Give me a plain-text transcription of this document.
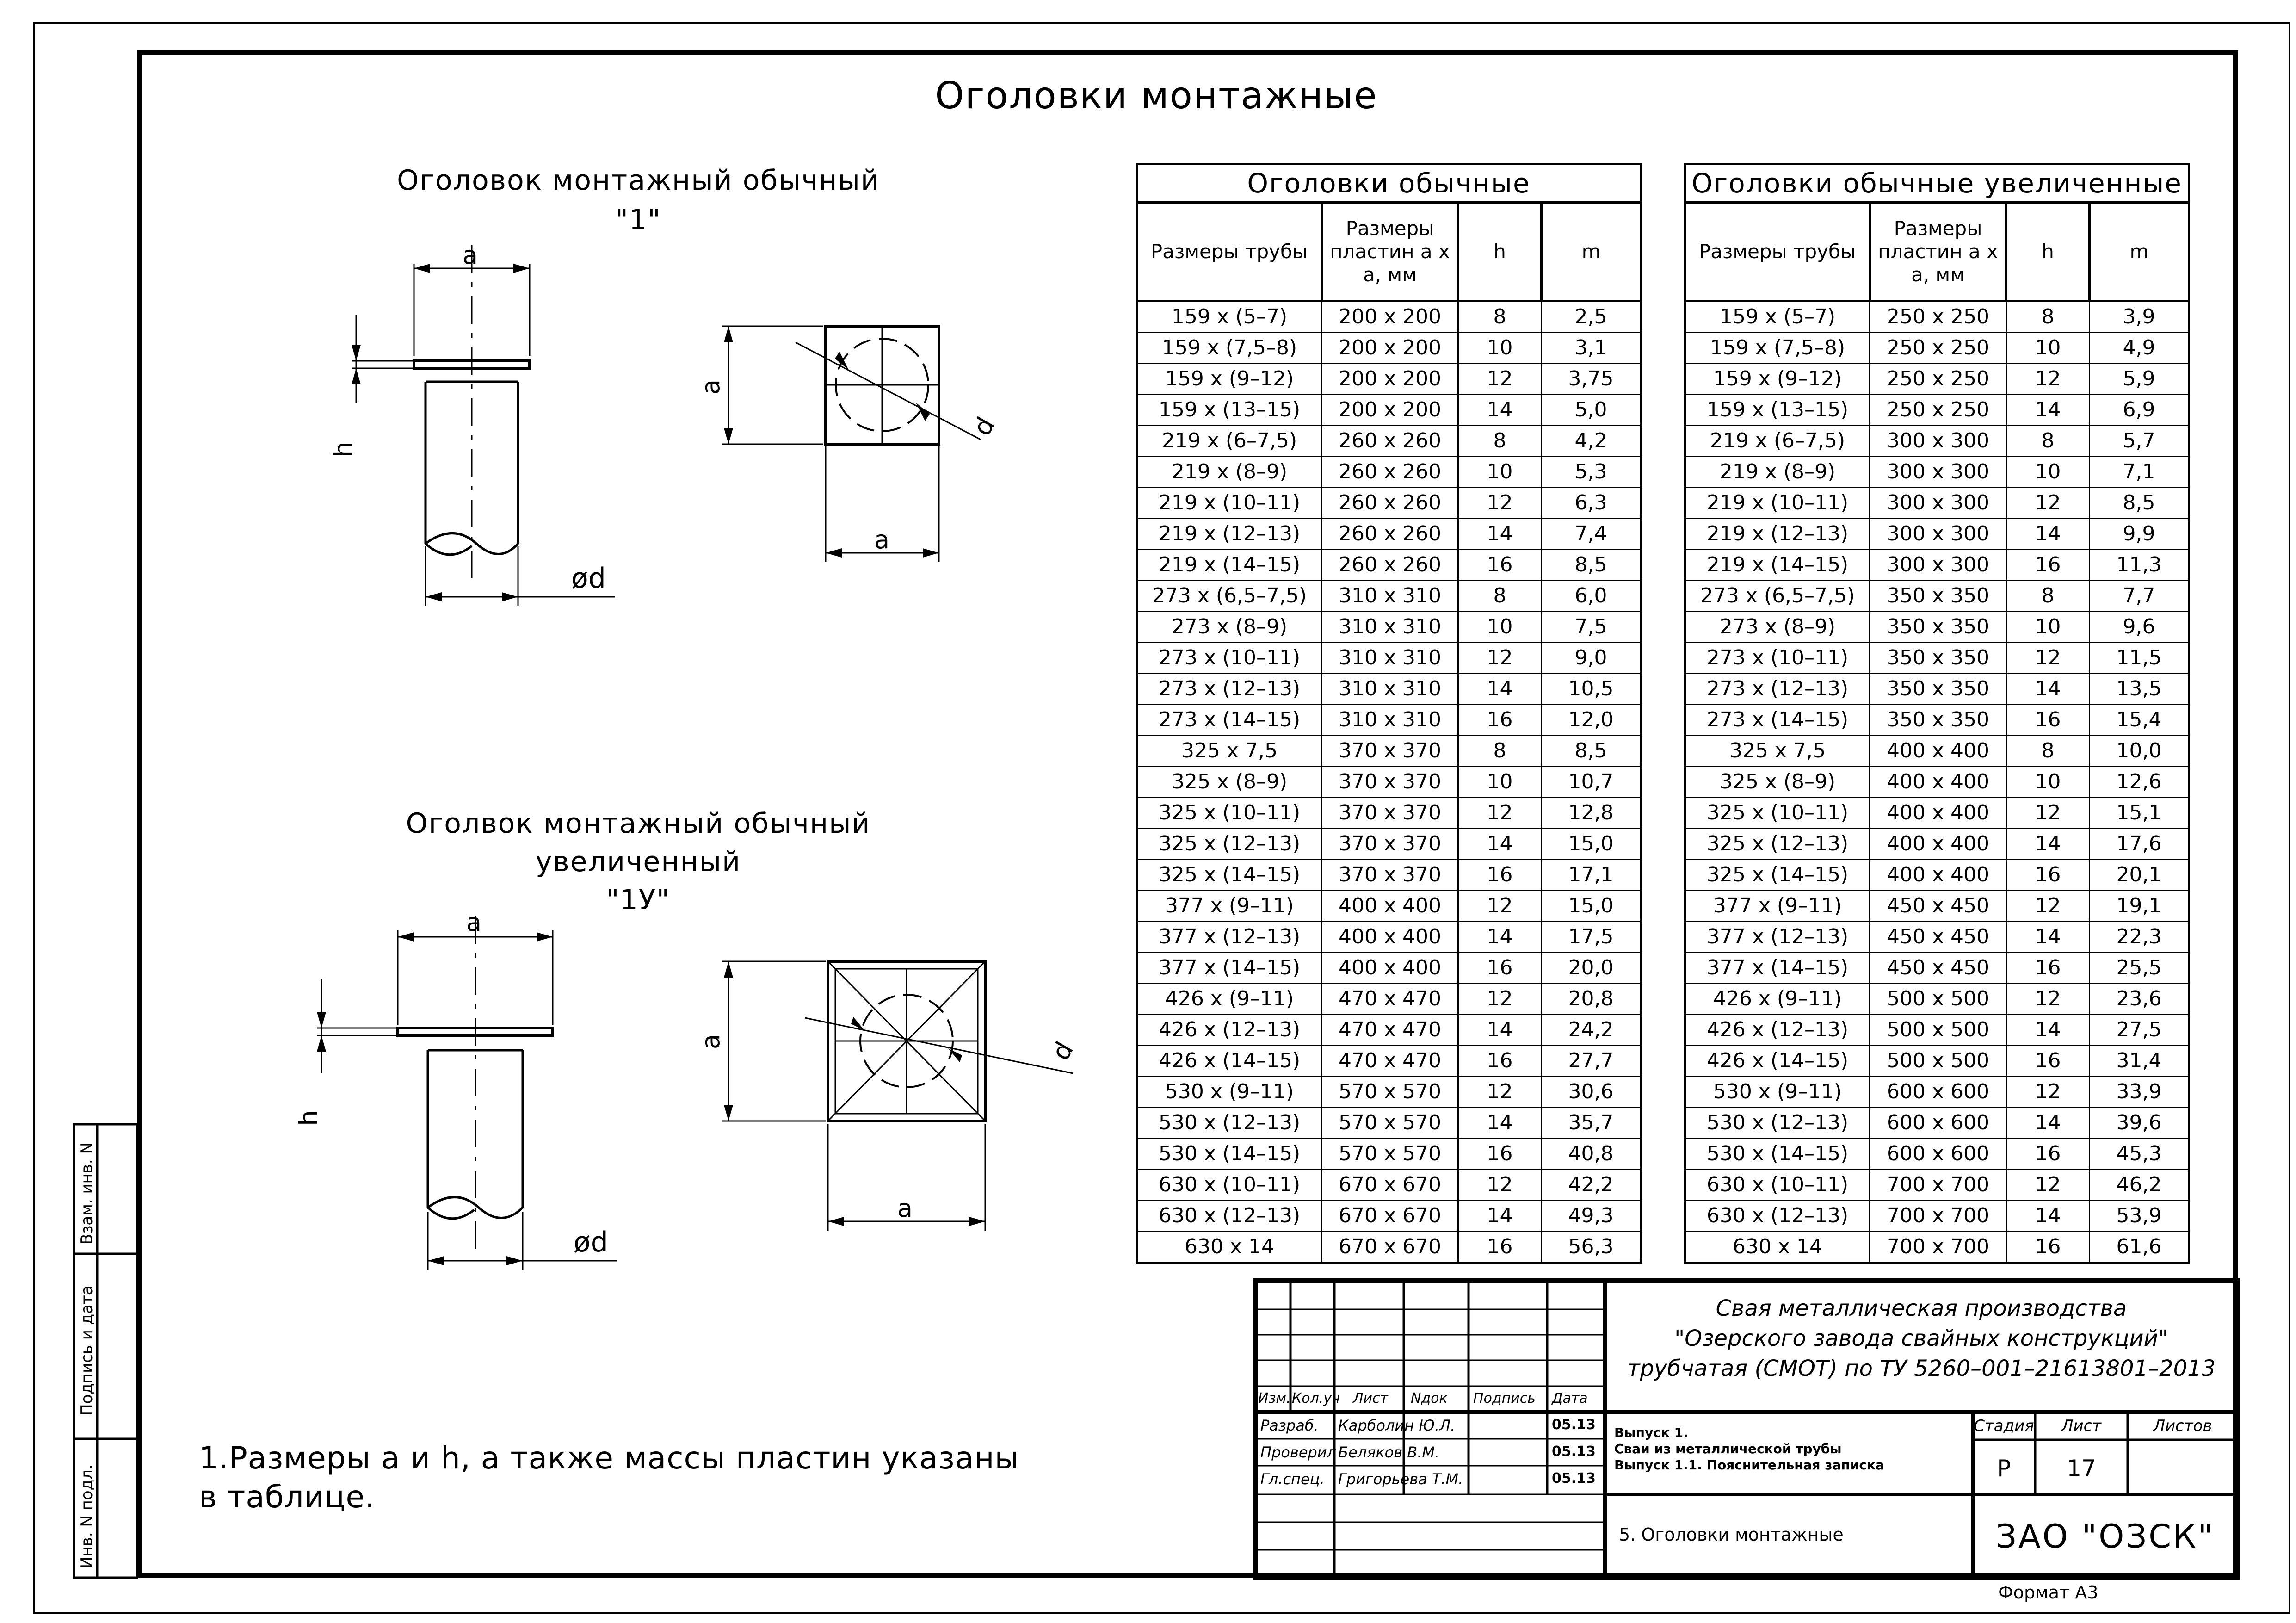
Оголовки монтажные
Оголовок монтажный обычный
"1"
Оголвок монтажный обычный
увеличенный
"1У"
a
h
ød
a
a
d
a
h
ød
a
a
d
Оголовки обычные			
Размеры трубы	Размеры пластин а х а, мм	h	m
159 x (5–7)	200 x 200	8	2,5
159 x (7,5–8)	200 x 200	10	3,1
159 x (9–12)	200 x 200	12	3,75
159 x (13–15)	200 x 200	14	5,0
219 x (6–7,5)	260 x 260	8	4,2
219 x (8–9)	260 x 260	10	5,3
219 x (10–11)	260 x 260	12	6,3
219 x (12–13)	260 x 260	14	7,4
219 x (14–15)	260 x 260	16	8,5
273 x (6,5–7,5)	310 x 310	8	6,0
273 x (8–9)	310 x 310	10	7,5
273 x (10–11)	310 x 310	12	9,0
273 x (12–13)	310 x 310	14	10,5
273 x (14–15)	310 x 310	16	12,0
325 x 7,5	370 x 370	8	8,5
325 x (8–9)	370 x 370	10	10,7
325 x (10–11)	370 x 370	12	12,8
325 x (12–13)	370 x 370	14	15,0
325 x (14–15)	370 x 370	16	17,1
377 x (9–11)	400 x 400	12	15,0
377 x (12–13)	400 x 400	14	17,5
377 x (14–15)	400 x 400	16	20,0
426 x (9–11)	470 x 470	12	20,8
426 x (12–13)	470 x 470	14	24,2
426 x (14–15)	470 x 470	16	27,7
530 x (9–11)	570 x 570	12	30,6
530 x (12–13)	570 x 570	14	35,7
530 x (14–15)	570 x 570	16	40,8
630 x (10–11)	670 x 670	12	42,2
630 x (12–13)	670 x 670	14	49,3
630 x 14	670 x 670	16	56,3
Оголовки обычные увеличенные			
Размеры трубы	Размеры пластин а х а, мм	h	m
159 x (5–7)	250 x 250	8	3,9
159 x (7,5–8)	250 x 250	10	4,9
159 x (9–12)	250 x 250	12	5,9
159 x (13–15)	250 x 250	14	6,9
219 x (6–7,5)	300 x 300	8	5,7
219 x (8–9)	300 x 300	10	7,1
219 x (10–11)	300 x 300	12	8,5
219 x (12–13)	300 x 300	14	9,9
219 x (14–15)	300 x 300	16	11,3
273 x (6,5–7,5)	350 x 350	8	7,7
273 x (8–9)	350 x 350	10	9,6
273 x (10–11)	350 x 350	12	11,5
273 x (12–13)	350 x 350	14	13,5
273 x (14–15)	350 x 350	16	15,4
325 x 7,5	400 x 400	8	10,0
325 x (8–9)	400 x 400	10	12,6
325 x (10–11)	400 x 400	12	15,1
325 x (12–13)	400 x 400	14	17,6
325 x (14–15)	400 x 400	16	20,1
377 x (9–11)	450 x 450	12	19,1
377 x (12–13)	450 x 450	14	22,3
377 x (14–15)	450 x 450	16	25,5
426 x (9–11)	500 x 500	12	23,6
426 x (12–13)	500 x 500	14	27,5
426 x (14–15)	500 x 500	16	31,4
530 x (9–11)	600 x 600	12	33,9
530 x (12–13)	600 x 600	14	39,6
530 x (14–15)	600 x 600	16	45,3
630 x (10–11)	700 x 700	12	46,2
630 x (12–13)	700 x 700	14	53,9
630 x 14	700 x 700	16	61,6
1.Размеры а и h, а также массы пластин указаны
в таблице.
Взам. инв. N
Подпись и дата
Инв. N подл.
Свая металлическая производства
"Озерского завода свайных конструкций"
трубчатая (СМОТ) по ТУ 5260–001–21613801–2013
Изм. Кол.уч Лист Nдок Подпись Дата
Разраб. Карболин Ю.Л.	05.13
Проверил Беляков В.М.	05.13
Гл.спец. Григорьева Т.М.	05.13
Выпуск 1.
Сваи из металлической трубы
Выпуск 1.1. Пояснительная записка
Стадия	Лист	Листов
Р	17
5. Оголовки монтажные	ЗАО "ОЗСК"
Формат А3
